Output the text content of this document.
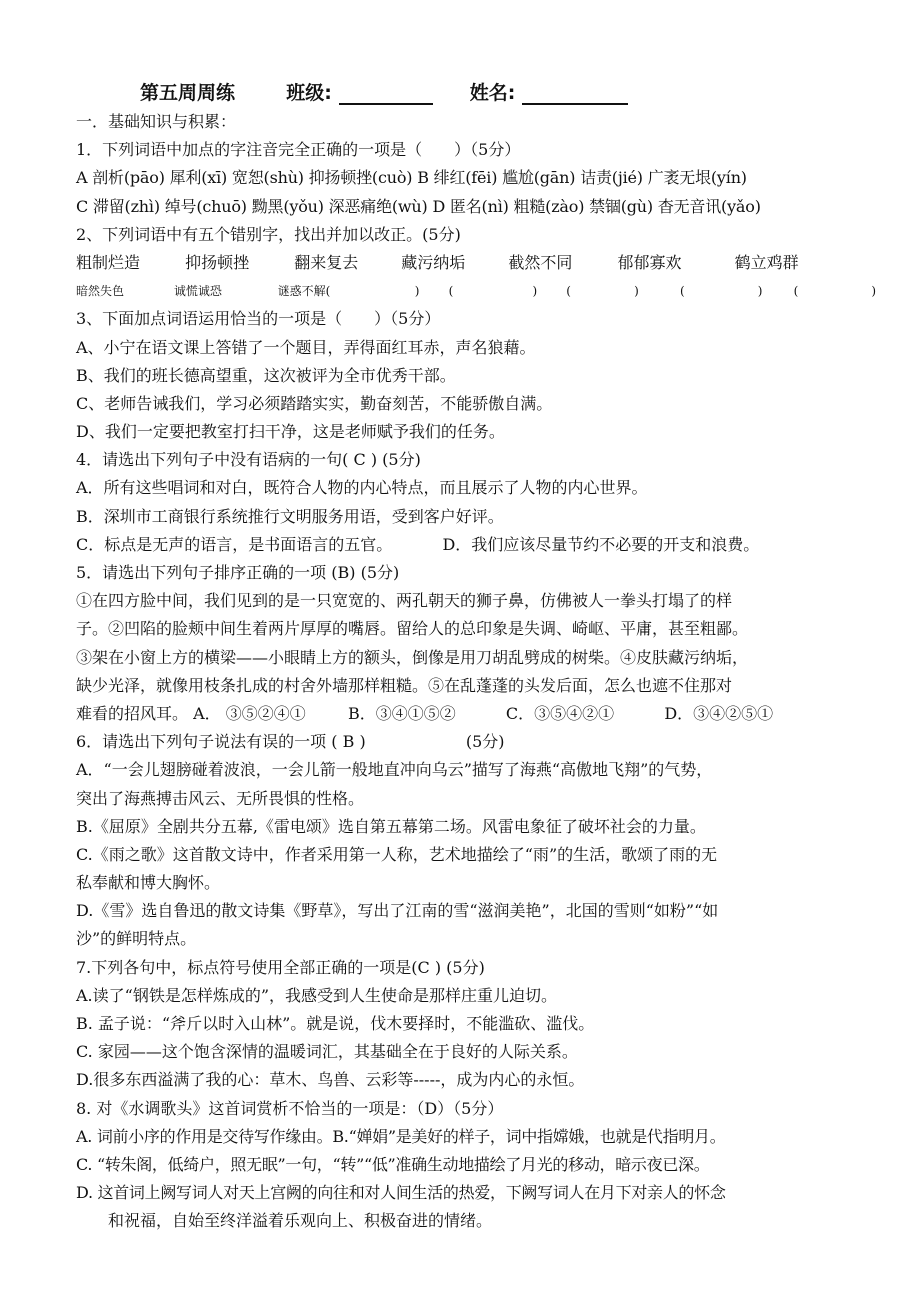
第五周周练	班级:	姓名:
一．基础知识与积累：
1．下列词语中加点的字注音完全正确的一项是（　　）（5分）
A 剖析(pāo) 犀利(xī) 宽恕(shù) 抑扬顿挫(cuò) B 绯红(fēi) 尴尬(gān) 诘责(jié) 广袤无垠(yín)
C 滞留(zhì) 绰号(chuō) 黝黑(yǒu) 深恶痛绝(wù) D 匿名(nì) 粗糙(zào) 禁锢(gù) 杳无音讯(yǎo)
2、下列词语中有五个错别字，找出并加以改正。(5分)
粗制烂造	抑扬顿挫	翻来复去	藏污纳垢	截然不同	郁郁寡欢	鹤立鸡群
暗然失色	诚慌诚恐	谜惑不解(	) (	) (	)	(	)	(	)
3、下面加点词语运用恰当的一项是（　　）（5分）
A、小宁在语文课上答错了一个题目，弄得面红耳赤，声名狼藉。
B、我们的班长德高望重，这次被评为全市优秀干部。
C、老师告诫我们，学习必须踏踏实实，勤奋刻苦，不能骄傲自满。
D、我们一定要把教室打扫干净，这是老师赋予我们的任务。
4．请选出下列句子中没有语病的一句( C ) (5分)
A．所有这些唱词和对白，既符合人物的内心特点，而且展示了人物的内心世界。
B．深圳市工商银行系统推行文明服务用语，受到客户好评。
C．标点是无声的语言，是书面语言的五官。	D．我们应该尽量节约不必要的开支和浪费。
5．请选出下列句子排序正确的一项 (B) (5分)
①在四方脸中间，我们见到的是一只宽宽的、两孔朝天的狮子鼻，仿佛被人一拳头打塌了的样
子。②凹陷的脸颊中间生着两片厚厚的嘴唇。留给人的总印象是失调、崎岖、平庸，甚至粗鄙。
③架在小窗上方的横梁——小眼睛上方的额头，倒像是用刀胡乱劈成的树柴。④皮肤藏污纳垢，
缺少光泽，就像用枝条扎成的村舍外墙那样粗糙。⑤在乱蓬蓬的头发后面，怎么也遮不住那对
难看的招风耳。 A． ③⑤②④①	B．③④①⑤②	C．③⑤④②①	D．③④②⑤①
6．请选出下列句子说法有误的一项 ( B )	(5分)
A．“一会儿翅膀碰着波浪，一会儿箭一般地直冲向乌云”描写了海燕“高傲地飞翔”的气势，
突出了海燕搏击风云、无所畏惧的性格。
B.《屈原》全剧共分五幕,《雷电颂》选自第五幕第二场。风雷电象征了破坏社会的力量。
C.《雨之歌》这首散文诗中，作者采用第一人称，艺术地描绘了“雨”的生活，歌颂了雨的无
私奉献和博大胸怀。
D.《雪》选自鲁迅的散文诗集《野草》，写出了江南的雪“滋润美艳”，北国的雪则“如粉”“如
沙”的鲜明特点。
7.下列各句中，标点符号使用全部正确的一项是(C ) (5分)
A.读了“钢铁是怎样炼成的”，我感受到人生使命是那样庄重儿迫切。
B. 孟子说：“斧斤以时入山林”。就是说，伐木要择时，不能滥砍、滥伐。
C. 家园——这个饱含深情的温暖词汇，其基础全在于良好的人际关系。
D.很多东西溢满了我的心：草木、鸟兽、云彩等-----，成为内心的永恒。
8. 对《水调歌头》这首词赏析不恰当的一项是：（D）（5分）
A. 词前小序的作用是交待写作缘由。B.“婵娟”是美好的样子，词中指嫦娥，也就是代指明月。
C. “转朱阁，低绮户，照无眠”一句，“转”“低”准确生动地描绘了月光的移动，暗示夜已深。
D. 这首词上阙写词人对天上宫阙的向往和对人间生活的热爱，下阙写词人在月下对亲人的怀念
和祝福，自始至终洋溢着乐观向上、积极奋进的情绪。
